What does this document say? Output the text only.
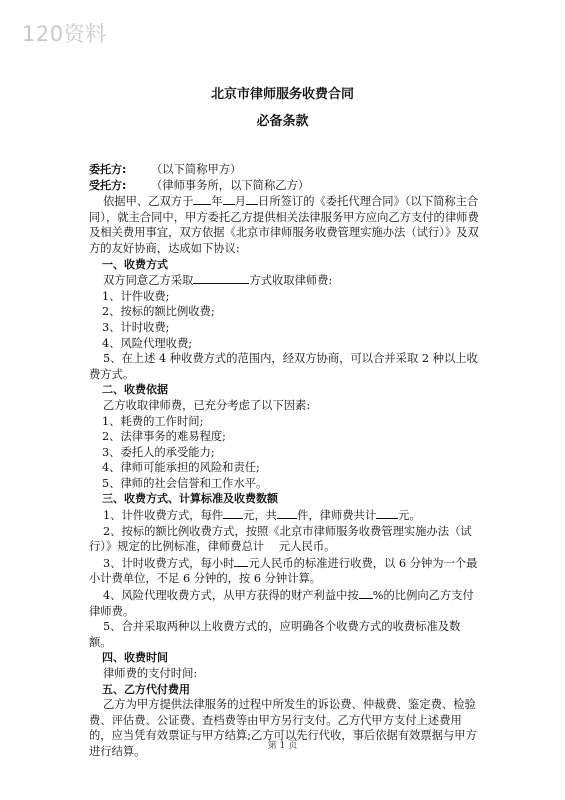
120资料
北京市律师服务收费合同
必备条款
委托方:	（以下简称甲方）
受托方:	（律师事务所，以下简称乙方）

依据甲、乙双方于 年 月 日所签订的《委托代理合同》（以下简称主合同），就主合同中，甲方委托乙方提供相关法律服务甲方应向乙方支付的律师费及相关费用事宜，双方依据《北京市律师服务收费管理实施办法（试行）》及双方的友好协商，达成如下协议:

一、收费方式

双方同意乙方采取	方式收取律师费:

1、计件收费;

2、按标的额比例收费;

3、计时收费;

4、风险代理收费;

5、在上述 4 种收费方式的范围内，经双方协商，可以合并采取 2 种以上收费方式。

二、收费依据

乙方收取律师费，已充分考虑了以下因素:

1、耗费的工作时间;

2、法律事务的难易程度;

3、委托人的承受能力;

4、律师可能承担的风险和责任;

5、律师的社会信誉和工作水平。

三、收费方式、计算标准及收费数额

1、计件收费方式，每件 元，共 件，律师费共计 元。

2、按标的额比例收费方式，按照《北京市律师服务收费管理实施办法（试行）》规定的比例标准，律师费总计　 元人民币。

3、计时收费方式，每小时 元人民币的标准进行收费，以 6 分钟为一个最小计费单位，不足 6 分钟的，按 6 分钟计算。

4、风险代理收费方式，从甲方获得的财产利益中按 %的比例向乙方支付律师费。

5、合并采取两种以上收费方式的，应明确各个收费方式的收费标准及数额。

四、收费时间

律师费的支付时间:

五、乙方代付费用

乙方为甲方提供法律服务的过程中所发生的诉讼费、仲裁费、鉴定费、检验费、评估费、公证费、查档费等由甲方另行支付。乙方代甲方支付上述费用的，应当凭有效票证与甲方结算;乙方可以先行代收，事后依据有效票据与甲方进行结算。	第 1 页
